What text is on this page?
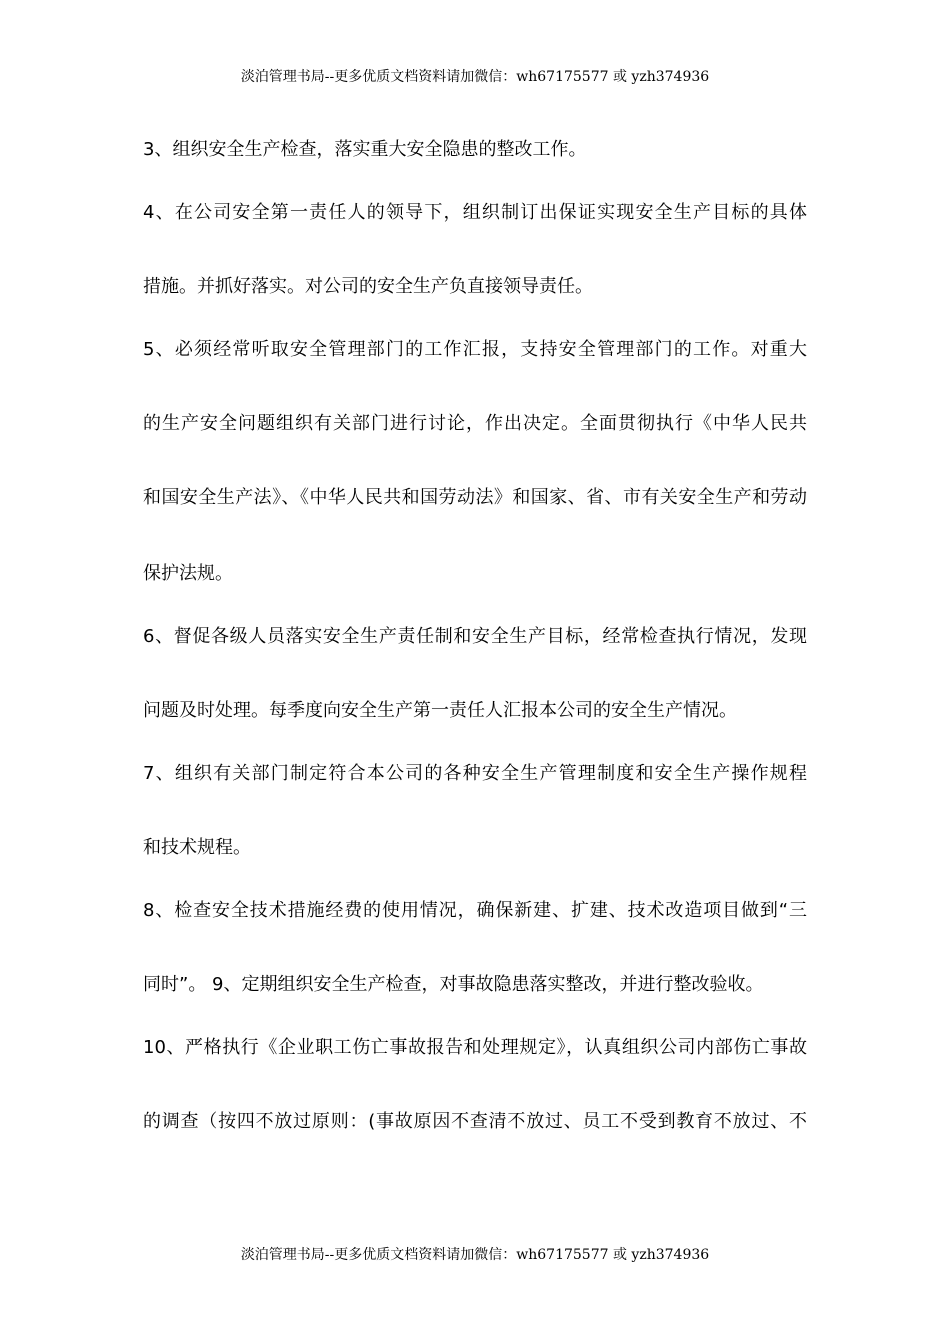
淡泊管理书局--更多优质文档资料请加微信：wh67175577 或 yzh374936
3、组织安全生产检查，落实重大安全隐患的整改工作。
4、在公司安全第一责任人的领导下，组织制订出保证实现安全生产目标的具体
措施。并抓好落实。对公司的安全生产负直接领导责任。
5、必须经常听取安全管理部门的工作汇报，支持安全管理部门的工作。对重大
的生产安全问题组织有关部门进行讨论，作出决定。全面贯彻执行《中华人民共
和国安全生产法》、《中华人民共和国劳动法》和国家、省、市有关安全生产和劳动
保护法规。
6、督促各级人员落实安全生产责任制和安全生产目标，经常检查执行情况，发现
问题及时处理。每季度向安全生产第一责任人汇报本公司的安全生产情况。
7、组织有关部门制定符合本公司的各种安全生产管理制度和安全生产操作规程
和技术规程。
8、检查安全技术措施经费的使用情况，确保新建、扩建、技术改造项目做到“三
同时”。 9、定期组织安全生产检查，对事故隐患落实整改，并进行整改验收。
10、严格执行《企业职工伤亡事故报告和处理规定》，认真组织公司内部伤亡事故
的调查（按四不放过原则：(事故原因不查清不放过、员工不受到教育不放过、不
淡泊管理书局--更多优质文档资料请加微信：wh67175577 或 yzh374936
